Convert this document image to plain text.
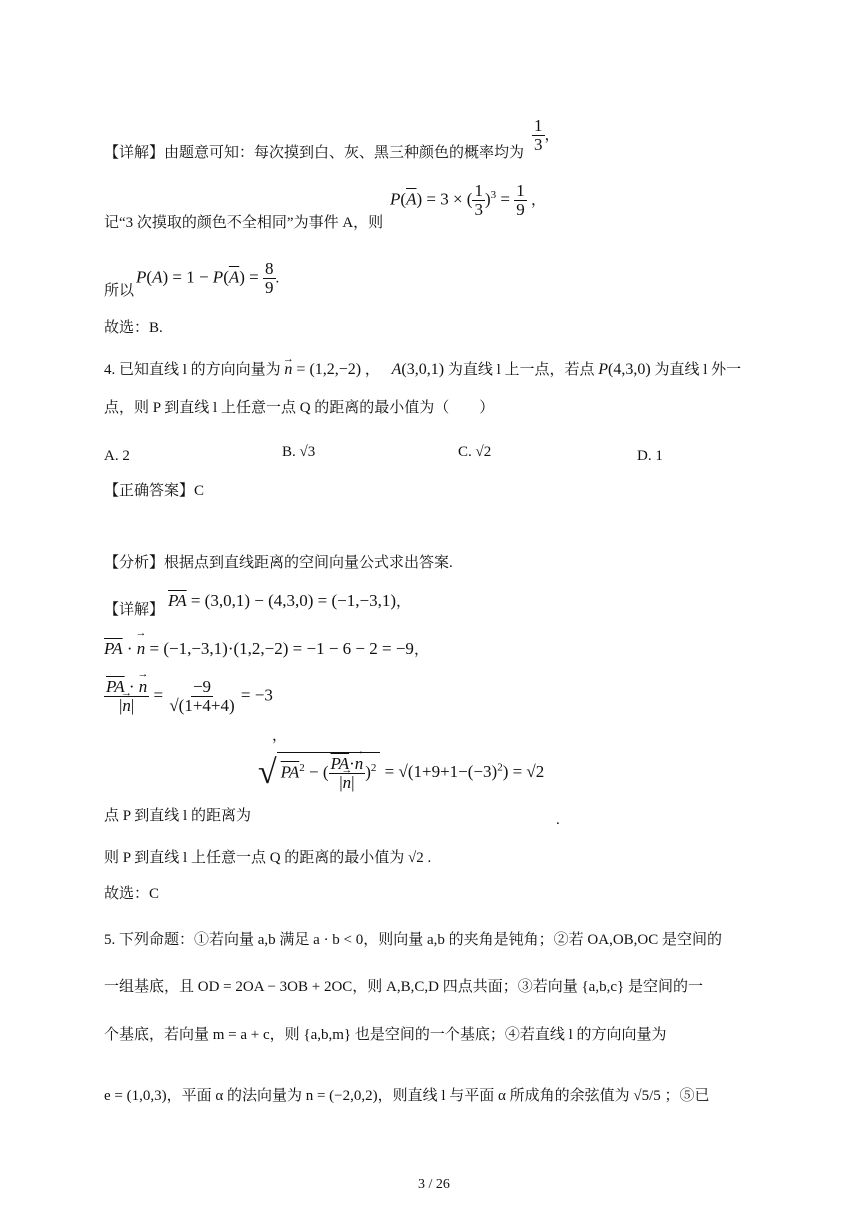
【详解】由题意可知：每次摸到白、灰、黑三种颜色的概率均为 $\frac{1}{3}$ ，
记“3 次摸取的颜色不全相同”为事件 A，则
$P(\overline{A}) = 3$ × ( $\frac{1}{3} )^3 = \frac{1}{9}$ ，
所以
$P(A) = 1 - P(\overline{A}) = \frac{8}{9}$ .
故选：B.
4. 已知直线 l 的方向向量为 → n = (1,2,−2) ， A(3,0,1) 为直线 l 上一点，若点 P(4,3,0) 为直线 l 外一
点，则 P 到直线 l 上任意一点 Q 的距离的最小值为（　　）
A. 2	B. √3	C. √2	D. 1
【正确答案】C
【分析】根据点到直线距离的空间向量公式求出答案.
【详解】 $\overline{PA} = (3,0,1) - (4,3,0) = (-1,-3,1)$，
$\overline{PA}$ · → n = (−1,−3,1)·(1,2,−2) = −1 − 6 − 2 = −9，
$\frac{\overline{PA} \cdot \to n}{|\to n|} = \frac{-9}{√(1+4+4)} = -3$
，
点 P 到直线 l 的距离为
√ $PA^2$ − ( $\frac{\overline{PA}\cdot\to n}{|\to n|} )^2 = √(1+9+1-(-3)^2) = √2$
.
则 P 到直线 l 上任意一点 Q 的距离的最小值为 √2 .
故选：C
5. 下列命题：①若向量 a,b 满足 a · b < 0，则向量 a,b 的夹角是钝角；②若 OA,OB,OC 是空间的
一组基底，且 OD = 2OA − 3OB + 2OC，则 A,B,C,D 四点共面；③若向量 {a,b,c} 是空间的一
个基底，若向量 m = a + c，则 {a,b,m} 也是空间的一个基底；④若直线 l 的方向向量为
e = (1,0,3)，平面 α 的法向量为 n = (−2,0,2)，则直线 l 与平面 α 所成角的余弦值为 √5/5 ；⑤已
3 / 26
